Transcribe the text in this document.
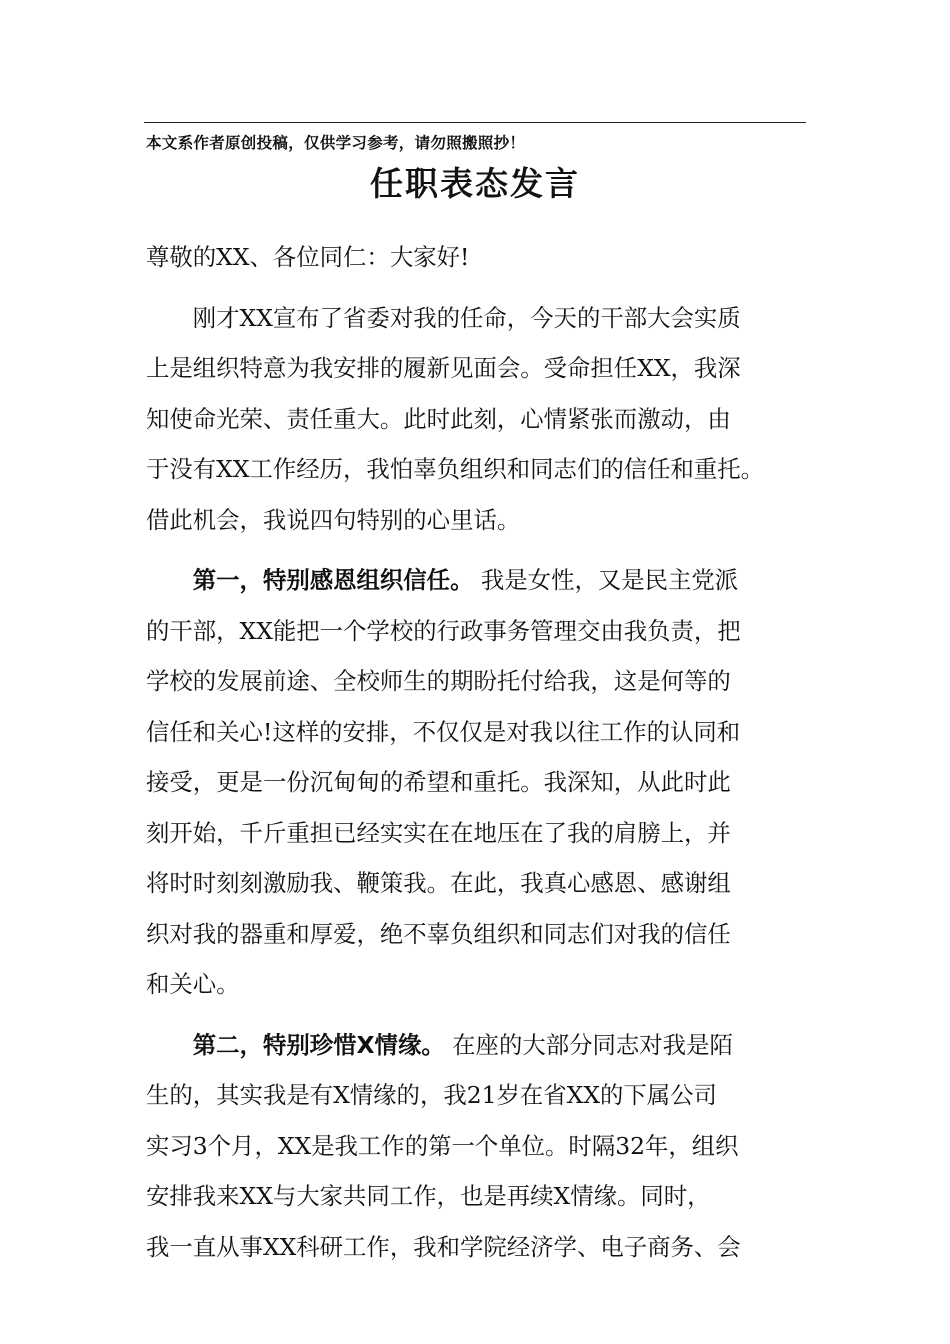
本文系作者原创投稿，仅供学习参考，请勿照搬照抄！
任职表态发言
尊敬的XX、各位同仁：大家好!
　　刚才XX宣布了省委对我的任命，今天的干部大会实质
上是组织特意为我安排的履新见面会。受命担任XX，我深
知使命光荣、责任重大。此时此刻，心情紧张而激动，由
于没有XX工作经历，我怕辜负组织和同志们的信任和重托。
借此机会，我说四句特别的心里话。
　　第一，特别感恩组织信任。 我是女性，又是民主党派
的干部，XX能把一个学校的行政事务管理交由我负责，把
学校的发展前途、全校师生的期盼托付给我，这是何等的
信任和关心!这样的安排，不仅仅是对我以往工作的认同和
接受，更是一份沉甸甸的希望和重托。我深知，从此时此
刻开始，千斤重担已经实实在在地压在了我的肩膀上，并
将时时刻刻激励我、鞭策我。在此，我真心感恩、感谢组
织对我的器重和厚爱，绝不辜负组织和同志们对我的信任
和关心。
　　第二，特别珍惜X情缘。 在座的大部分同志对我是陌
生的，其实我是有X情缘的，我21岁在省XX的下属公司
实习3个月，XX是我工作的第一个单位。时隔32年，组织
安排我来XX与大家共同工作，也是再续X情缘。同时，
我一直从事XX科研工作，我和学院经济学、电子商务、会
